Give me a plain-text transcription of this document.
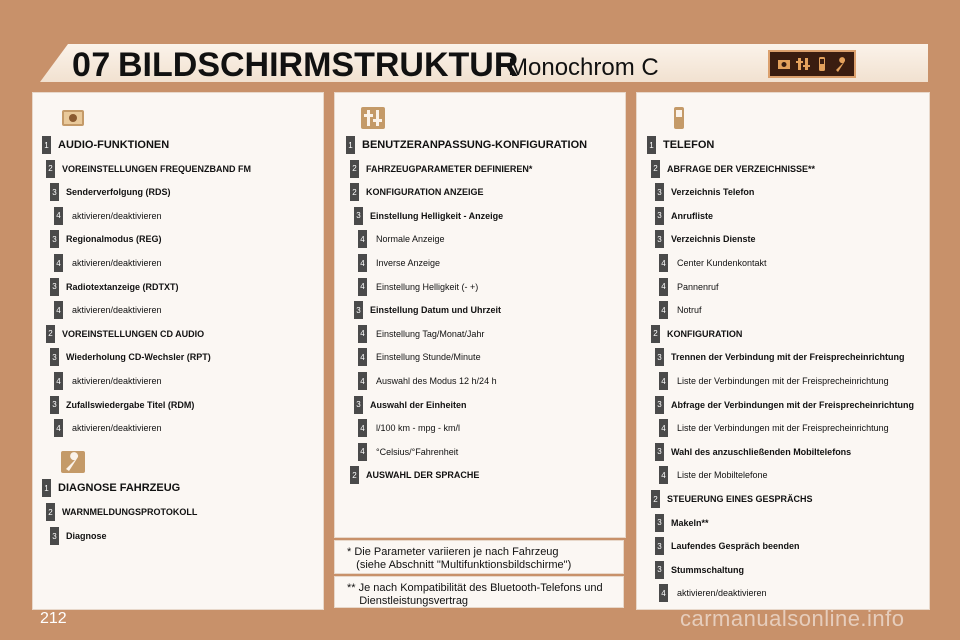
07 BILDSCHIRMSTRUKTUR
Monochrom C
1 AUDIO-FUNKTIONEN
2 VOREINSTELLUNGEN FREQUENZBAND FM
3 Senderverfolgung (RDS)
4 aktivieren/deaktivieren
3 Regionalmodus (REG)
4 aktivieren/deaktivieren
3 Radiotextanzeige (RDTXT)
4 aktivieren/deaktivieren
2 VOREINSTELLUNGEN CD AUDIO
3 Wiederholung CD-Wechsler (RPT)
4 aktivieren/deaktivieren
3 Zufallswiedergabe Titel (RDM)
4 aktivieren/deaktivieren
1 DIAGNOSE FAHRZEUG
2 WARNMELDUNGSPROTOKOLL
3 Diagnose
1 BENUTZERANPASSUNG-KONFIGURATION
2 FAHRZEUGPARAMETER DEFINIEREN*
2 KONFIGURATION ANZEIGE
3 Einstellung Helligkeit - Anzeige
4 Normale Anzeige
4 Inverse Anzeige
4 Einstellung Helligkeit (- +)
3 Einstellung Datum und Uhrzeit
4 Einstellung Tag/Monat/Jahr
4 Einstellung Stunde/Minute
4 Auswahl des Modus 12 h/24 h
3 Auswahl der Einheiten
4 l/100 km - mpg - km/l
4 °Celsius/°Fahrenheit
2 AUSWAHL DER SPRACHE
1 TELEFON
2 ABFRAGE DER VERZEICHNISSE**
3 Verzeichnis Telefon
3 Anrufliste
3 Verzeichnis Dienste
4 Center Kundenkontakt
4 Pannenruf
4 Notruf
2 KONFIGURATION
3 Trennen der Verbindung mit der Freisprecheinrichtung
4 Liste der Verbindungen mit der Freisprecheinrichtung
3 Abfrage der Verbindungen mit der Freisprecheinrichtung
4 Liste der Verbindungen mit der Freisprecheinrichtung
3 Wahl des anzuschließenden Mobiltelefons
4 Liste der Mobiltelefone
2 STEUERUNG EINES GESPRÄCHS
3 Makeln**
3 Laufendes Gespräch beenden
3 Stummschaltung
4 aktivieren/deaktivieren
* Die Parameter variieren je nach Fahrzeug
(siehe Abschnitt "Multifunktionsbildschirme")
** Je nach Kompatibilität des Bluetooth-Telefons und
Dienstleistungsvertrag
212	carmanualsonline.info
